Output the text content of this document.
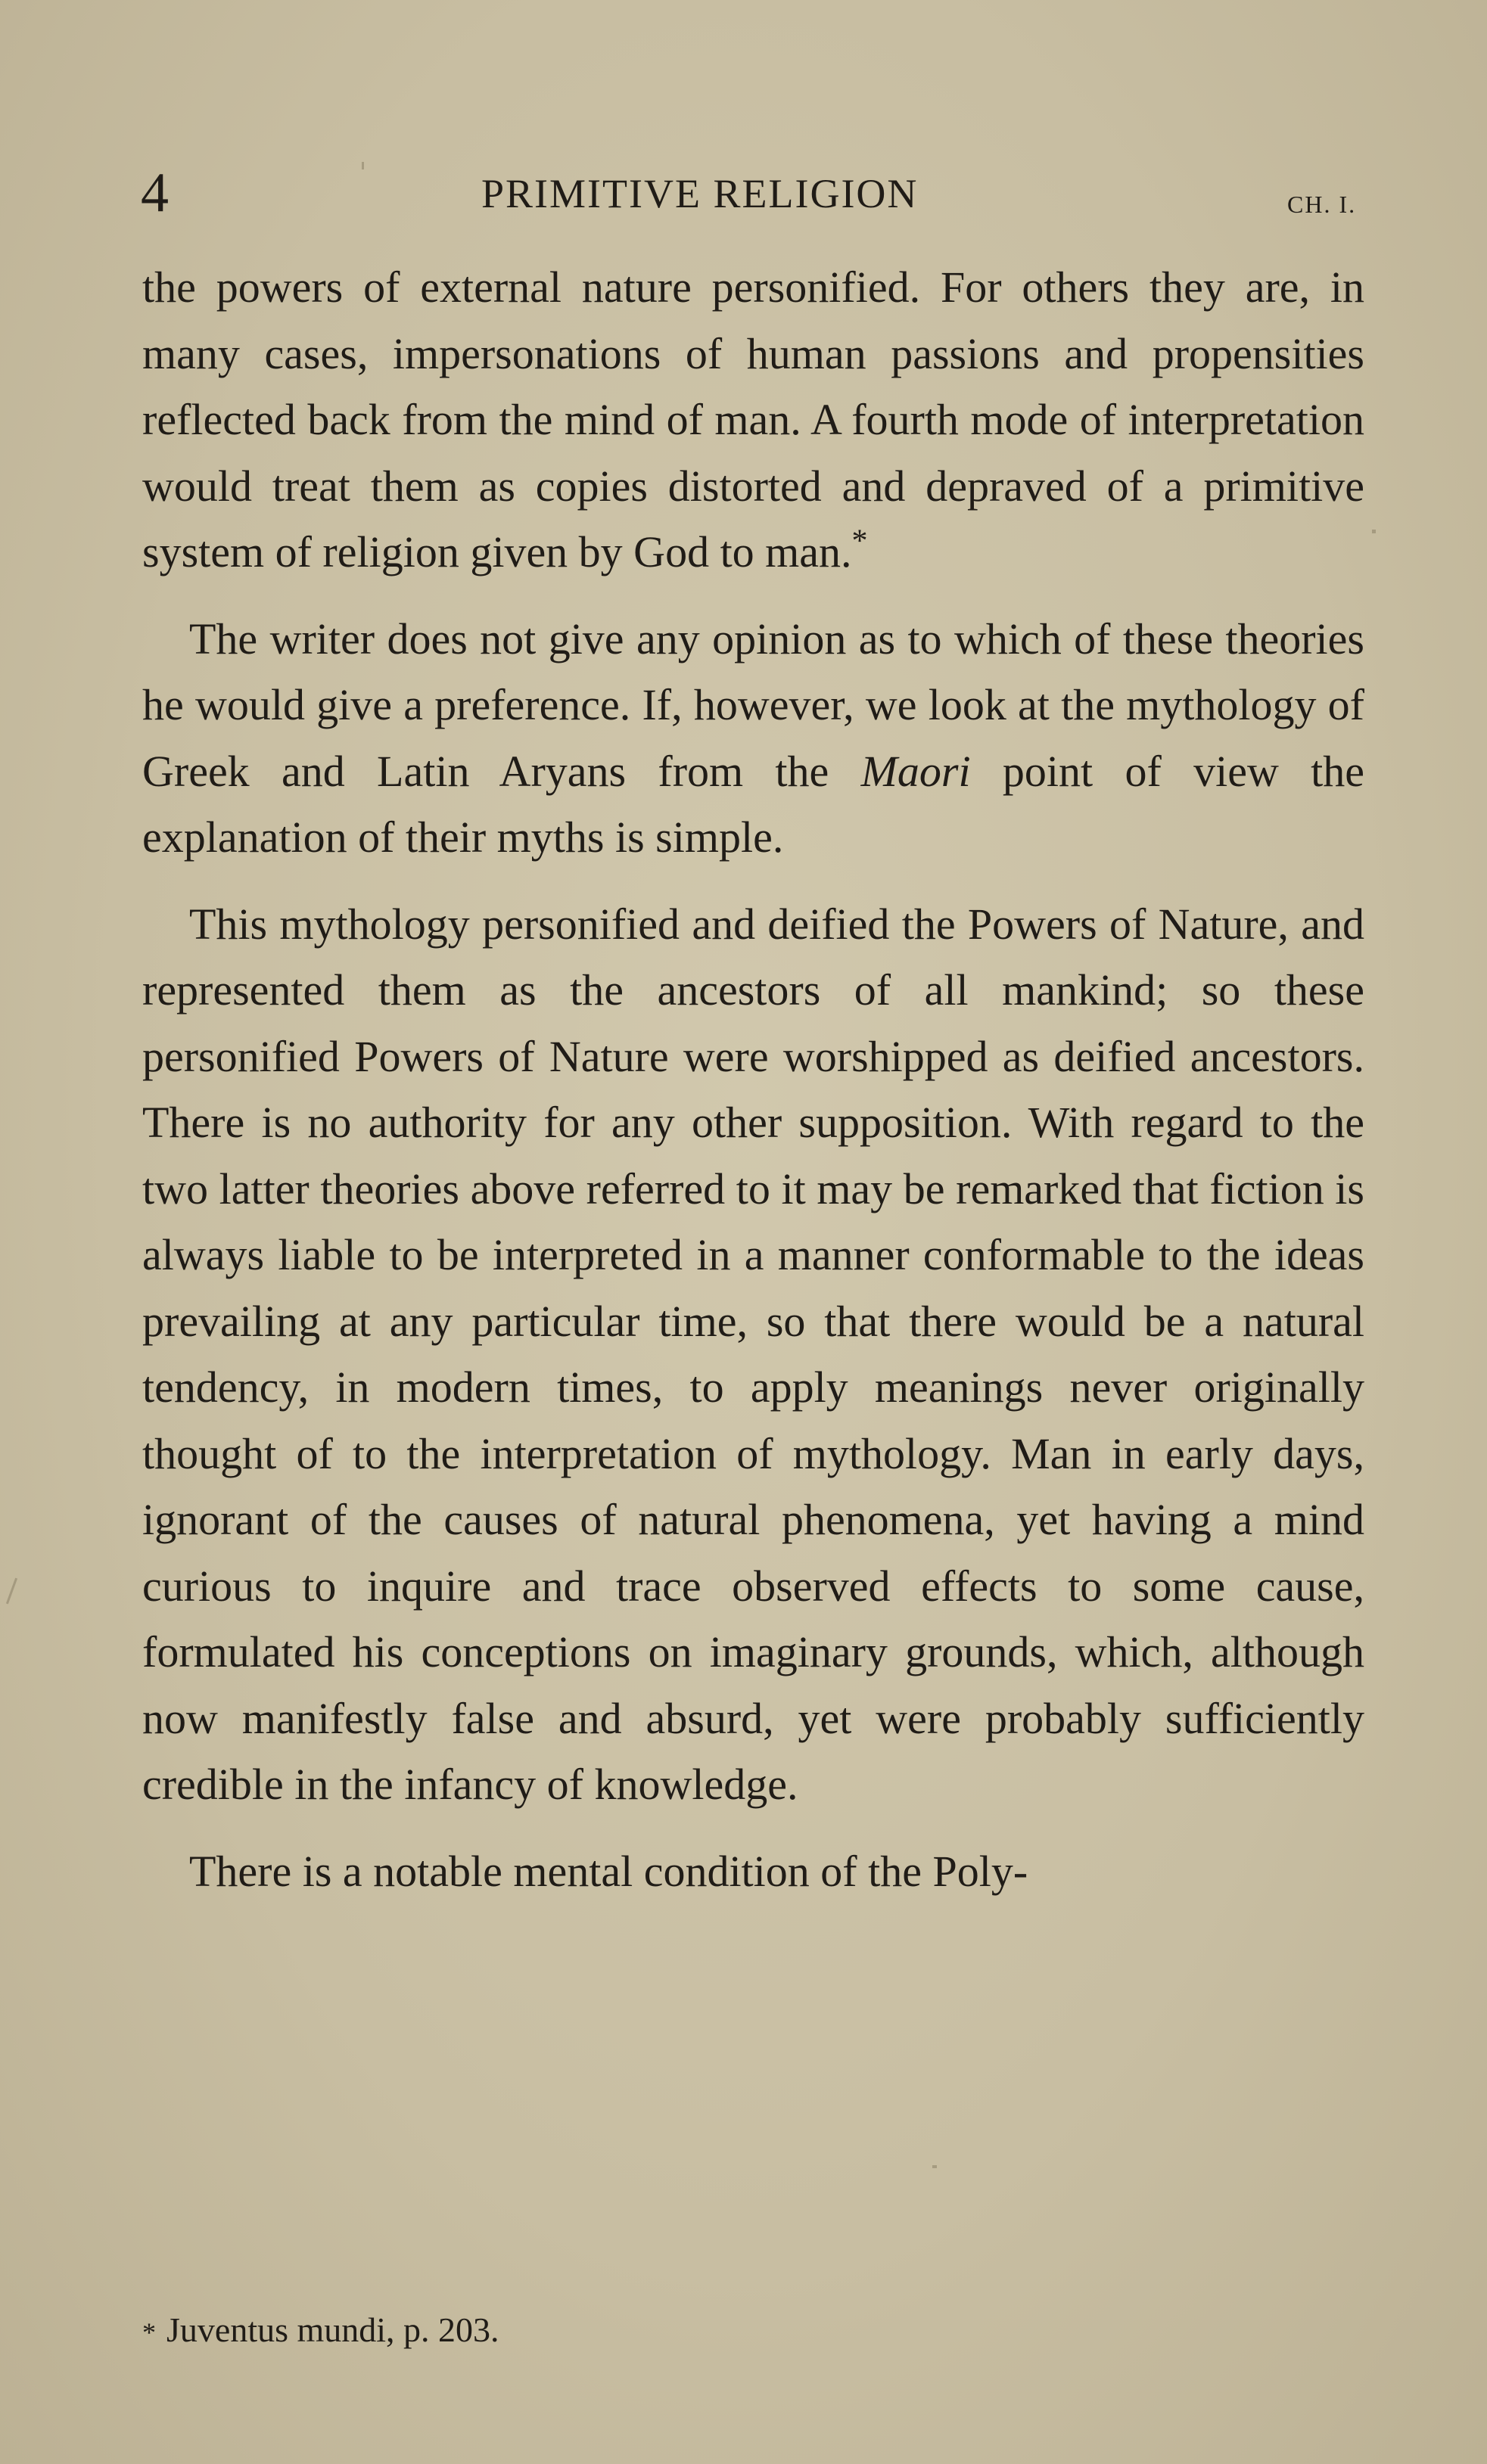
4	PRIMITIVE RELIGION	CH. I.

the powers of external nature personified. For others they are, in many cases, impersonations of human passions and propensities reflected back from the mind of man. A fourth mode of interpretation would treat them as copies distorted and depraved of a primitive system of religion given by God to man.*

The writer does not give any opinion as to which of these theories he would give a preference. If, however, we look at the mythology of Greek and Latin Aryans from the Maori point of view the explanation of their myths is simple.

This mythology personified and deified the Powers of Nature, and represented them as the ancestors of all mankind; so these personified Powers of Nature were worshipped as deified ancestors. There is no authority for any other supposition. With regard to the two latter theories above referred to it may be remarked that fiction is always liable to be interpreted in a manner conformable to the ideas prevailing at any particular time, so that there would be a natural tendency, in modern times, to apply meanings never originally thought of to the interpretation of mythology. Man in early days, ignorant of the causes of natural phenomena, yet having a mind curious to inquire and trace observed effects to some cause, formulated his conceptions on imaginary grounds, which, although now manifestly false and absurd, yet were probably sufficiently credible in the infancy of knowledge.

There is a notable mental condition of the Poly-

* Juventus mundi, p. 203.
